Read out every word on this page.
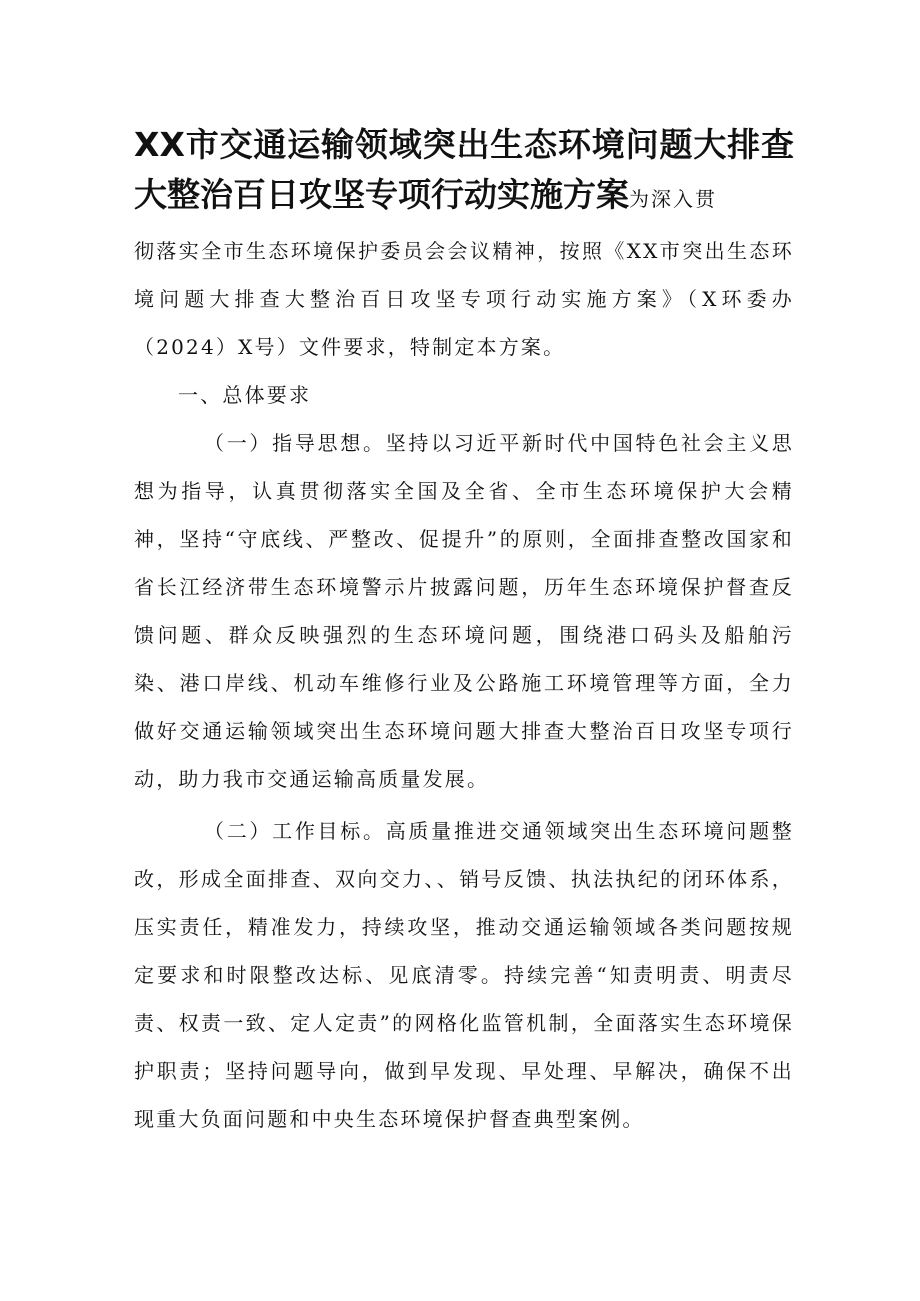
XX市交通运输领域突出生态环境问题大排查大整治百日攻坚专项行动实施方案为深入贯

彻落实全市生态环境保护委员会会议精神，按照《XX市突出生态环境问题大排查大整治百日攻坚专项行动实施方案》（X环委办（2024）X号）文件要求，特制定本方案。

一、总体要求

（一）指导思想。坚持以习近平新时代中国特色社会主义思想为指导，认真贯彻落实全国及全省、全市生态环境保护大会精神，坚持“守底线、严整改、促提升”的原则，全面排查整改国家和省长江经济带生态环境警示片披露问题，历年生态环境保护督查反馈问题、群众反映强烈的生态环境问题，围绕港口码头及船舶污染、港口岸线、机动车维修行业及公路施工环境管理等方面，全力做好交通运输领域突出生态环境问题大排查大整治百日攻坚专项行动，助力我市交通运输高质量发展。

（二）工作目标。高质量推进交通领域突出生态环境问题整改，形成全面排查、双向交力、、销号反馈、执法执纪的闭环体系，压实责任，精准发力，持续攻坚，推动交通运输领域各类问题按规定要求和时限整改达标、见底清零。持续完善“知责明责、明责尽责、权责一致、定人定责”的网格化监管机制，全面落实生态环境保护职责；坚持问题导向，做到早发现、早处理、早解决，确保不出现重大负面问题和中央生态环境保护督查典型案例。
